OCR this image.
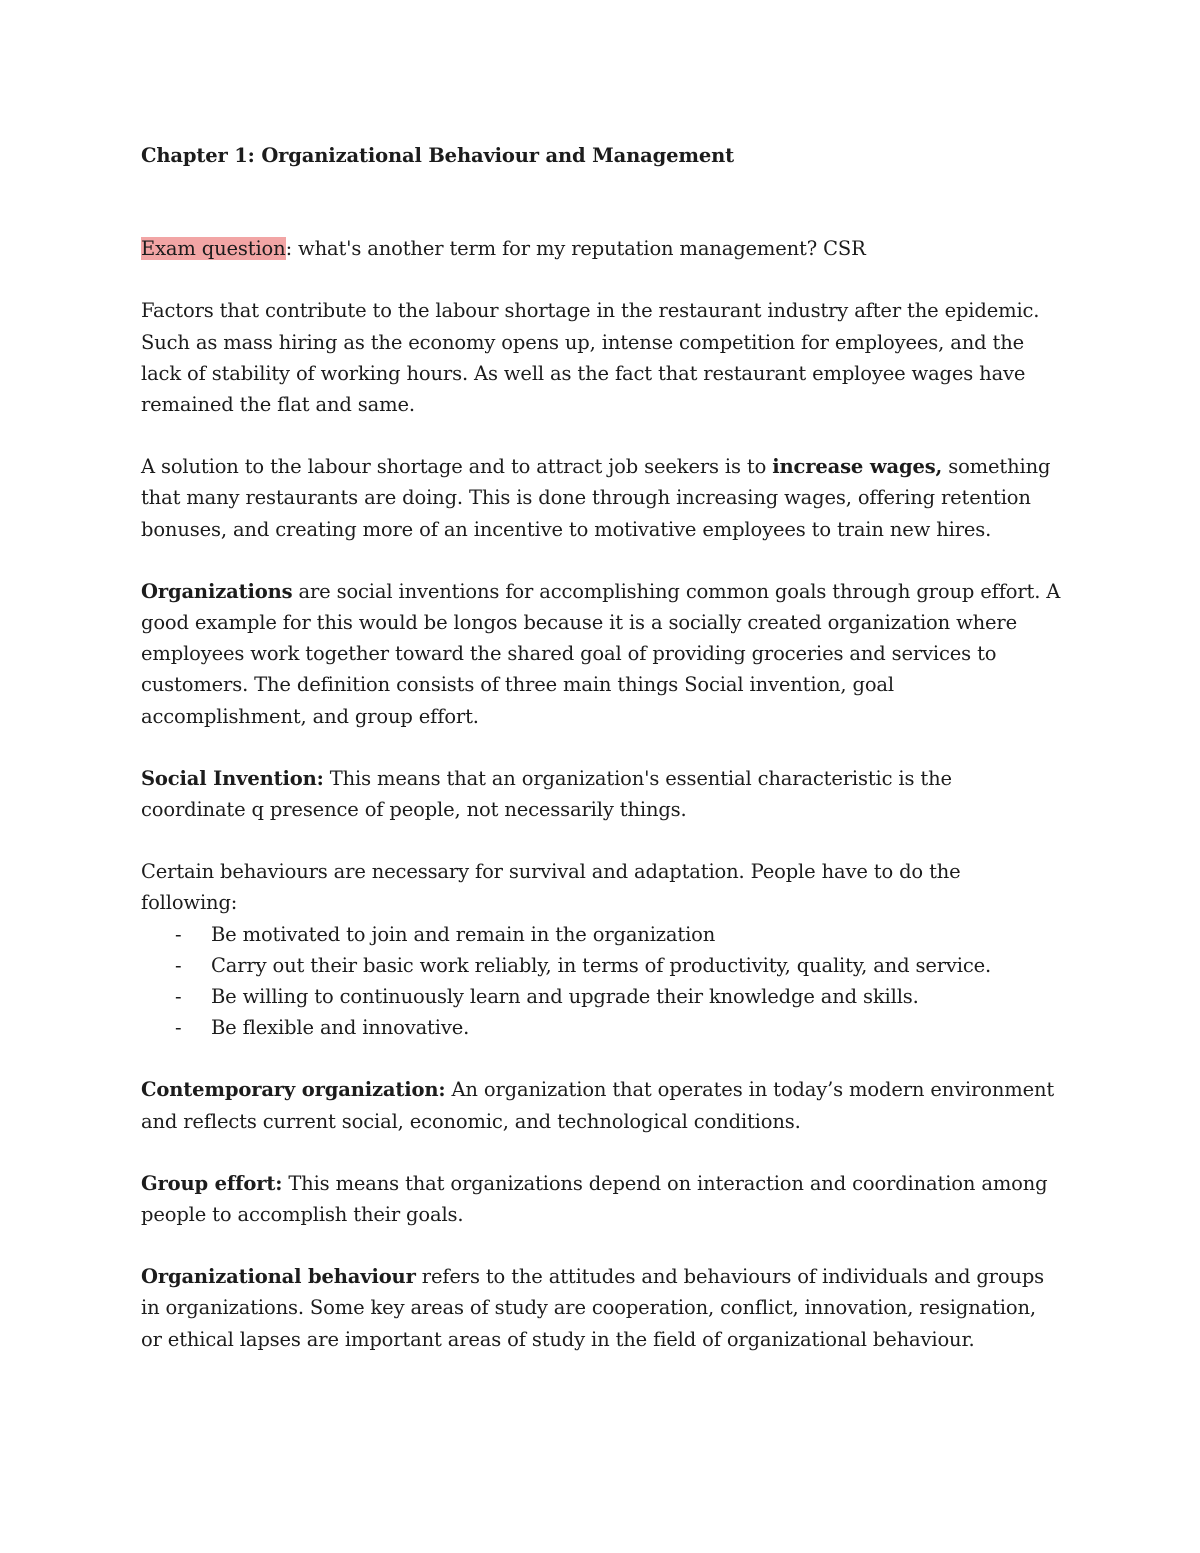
Chapter 1: Organizational Behaviour and Management

Exam question: what's another term for my reputation management? CSR

Factors that contribute to the labour shortage in the restaurant industry after the epidemic. Such as mass hiring as the economy opens up, intense competition for employees, and the lack of stability of working hours. As well as the fact that restaurant employee wages have remained the flat and same.

A solution to the labour shortage and to attract job seekers is to increase wages, something that many restaurants are doing. This is done through increasing wages, offering retention bonuses, and creating more of an incentive to motivative employees to train new hires.

Organizations are social inventions for accomplishing common goals through group effort. A good example for this would be longos because it is a socially created organization where employees work together toward the shared goal of providing groceries and services to customers. The definition consists of three main things Social invention, goal accomplishment, and group effort.

Social Invention: This means that an organization's essential characteristic is the coordinate q presence of people, not necessarily things.

Certain behaviours are necessary for survival and adaptation. People have to do the following:

- Be motivated to join and remain in the organization
- Carry out their basic work reliably, in terms of productivity, quality, and service.
- Be willing to continuously learn and upgrade their knowledge and skills.
- Be flexible and innovative.

Contemporary organization: An organization that operates in today’s modern environment and reflects current social, economic, and technological conditions.

Group effort: This means that organizations depend on interaction and coordination among people to accomplish their goals.

Organizational behaviour refers to the attitudes and behaviours of individuals and groups in organizations. Some key areas of study are cooperation, conflict, innovation, resignation, or ethical lapses are important areas of study in the field of organizational behaviour.
